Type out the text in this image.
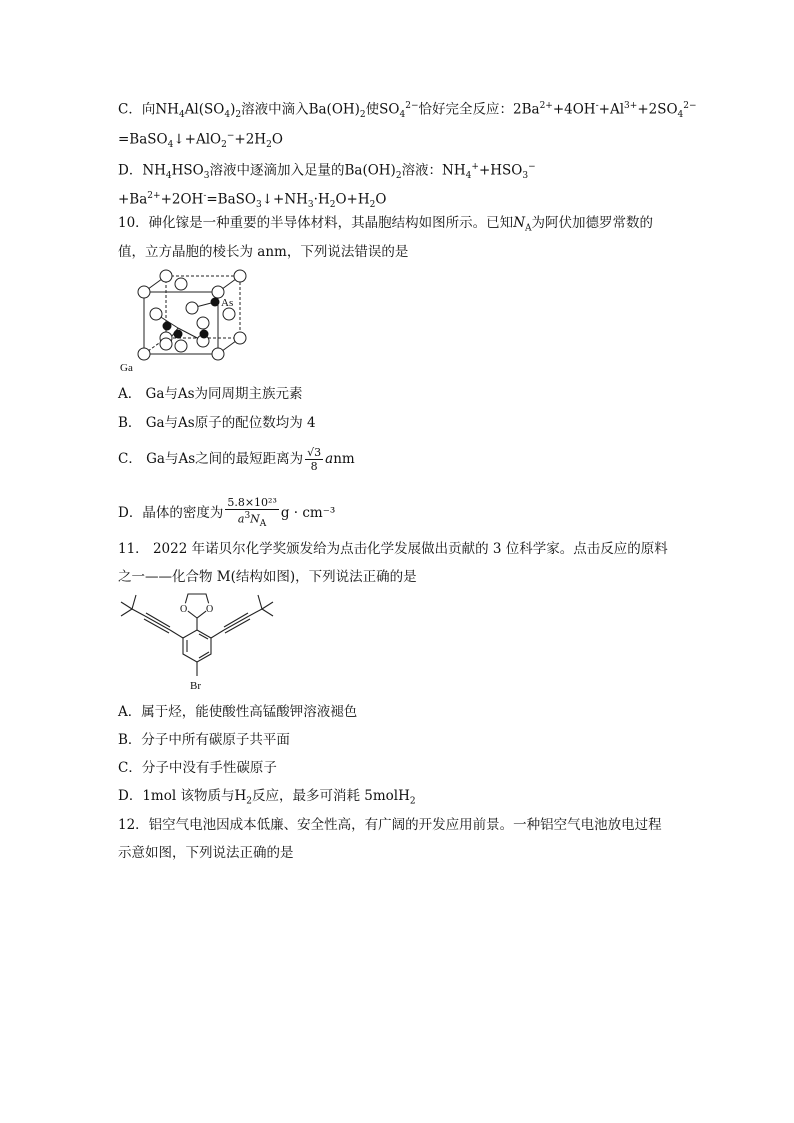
C．向$NH_4Al(SO_4)_2$溶液中滴入$Ba(OH)_2$使$SO_4^{2-}$恰好完全反应：$2Ba^{2+}+4OH^-+Al^{3+}+2SO_4^{2-}$
$=BaSO_4↓+AlO_2^-+2H_2O$
D．$NH_4HSO_3$溶液中逐滴加入足量的$Ba(OH)_2$溶液：$NH_4^++HSO_3^-$
$+Ba^{2+}+2OH^-=BaSO_3↓+NH_3\cdot H_2O+H_2O$
10．砷化镓是一种重要的半导体材料，其晶胞结构如图所示。已知$N_A$为阿伏加德罗常数的
值，立方晶胞的棱长为 anm，下列说法错误的是
As
Ga
A． Ga与As为同周期主族元素
B． Ga与As原子的配位数均为 4
C． Ga与As之间的最短距离为 $\frac{√3}{8}$ anm
D．晶体的密度为 $\frac{\text{5.8×10²³}}{a^3N_A}$ g · cm⁻³
11． 2022 年诺贝尔化学奖颁发给为点击化学发展做出贡献的 3 位科学家。点击反应的原料
之一——化合物 M(结构如图)，下列说法正确的是
O O
Br
A．属于烃，能使酸性高锰酸钾溶液褪色
B．分子中所有碳原子共平面
C．分子中没有手性碳原子
D．1mol 该物质与$H_2$反应，最多可消耗 5molH$_2$
12．铝空气电池因成本低廉、安全性高，有广阔的开发应用前景。一种铝空气电池放电过程
示意如图，下列说法正确的是
